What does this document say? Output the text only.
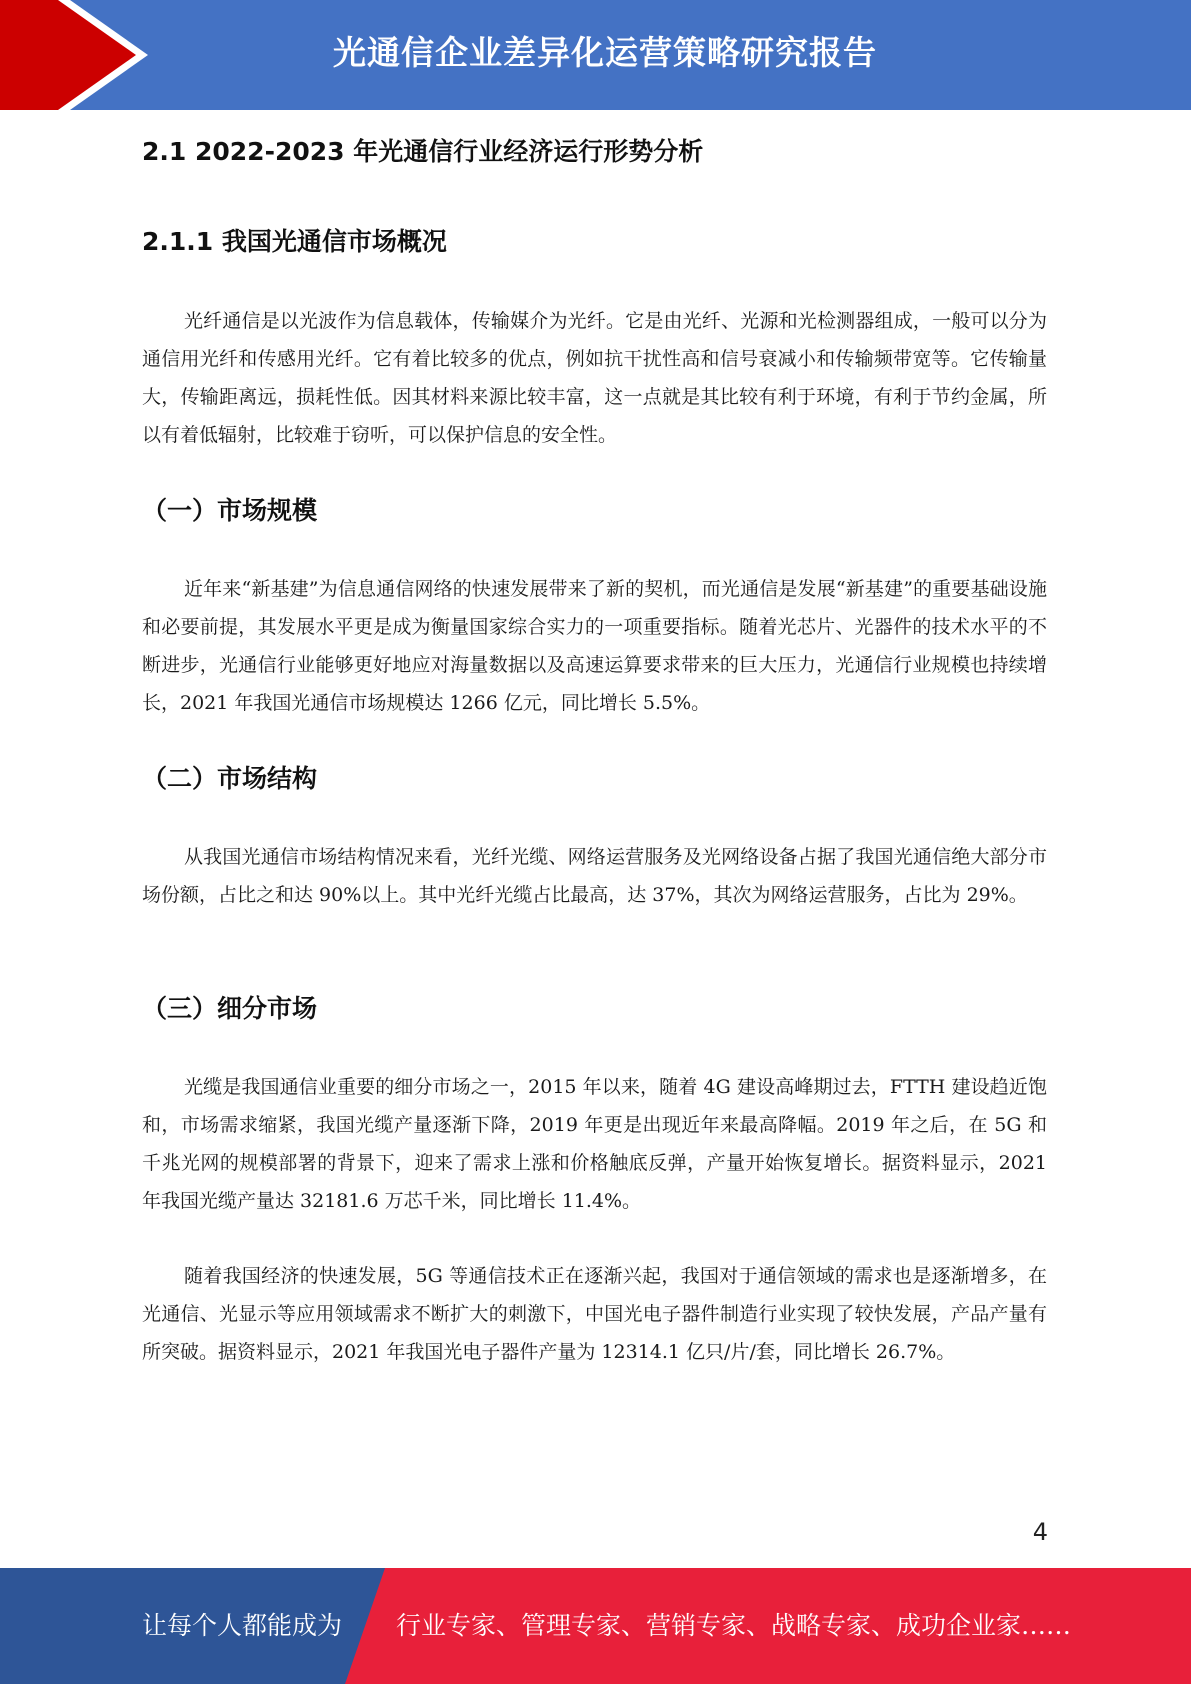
光通信企业差异化运营策略研究报告
2.1 2022-2023 年光通信行业经济运行形势分析
2.1.1 我国光通信市场概况

光纤通信是以光波作为信息载体，传输媒介为光纤。它是由光纤、光源和光检测器组成，一般可以分为通信用光纤和传感用光纤。它有着比较多的优点，例如抗干扰性高和信号衰减小和传输频带宽等。它传输量大，传输距离远，损耗性低。因其材料来源比较丰富，这一点就是其比较有利于环境，有利于节约金属，所以有着低辐射，比较难于窃听，可以保护信息的安全性。

（一）市场规模

近年来“新基建”为信息通信网络的快速发展带来了新的契机，而光通信是发展“新基建”的重要基础设施和必要前提，其发展水平更是成为衡量国家综合实力的一项重要指标。随着光芯片、光器件的技术水平的不断进步，光通信行业能够更好地应对海量数据以及高速运算要求带来的巨大压力，光通信行业规模也持续增长，2021 年我国光通信市场规模达 1266 亿元，同比增长 5.5%。

（二）市场结构

从我国光通信市场结构情况来看，光纤光缆、网络运营服务及光网络设备占据了我国光通信绝大部分市场份额，占比之和达 90%以上。其中光纤光缆占比最高，达 37%，其次为网络运营服务，占比为 29%。

（三）细分市场

光缆是我国通信业重要的细分市场之一，2015 年以来，随着 4G 建设高峰期过去，FTTH 建设趋近饱和，市场需求缩紧，我国光缆产量逐渐下降，2019 年更是出现近年来最高降幅。2019 年之后，在 5G 和千兆光网的规模部署的背景下，迎来了需求上涨和价格触底反弹，产量开始恢复增长。据资料显示，2021 年我国光缆产量达 32181.6 万芯千米，同比增长 11.4%。

随着我国经济的快速发展，5G 等通信技术正在逐渐兴起，我国对于通信领域的需求也是逐渐增多，在光通信、光显示等应用领域需求不断扩大的刺激下，中国光电子器件制造行业实现了较快发展，产品产量有所突破。据资料显示，2021 年我国光电子器件产量为 12314.1 亿只/片/套，同比增长 26.7%。

4
让每个人都能成为 行业专家、管理专家、营销专家、战略专家、成功企业家……
